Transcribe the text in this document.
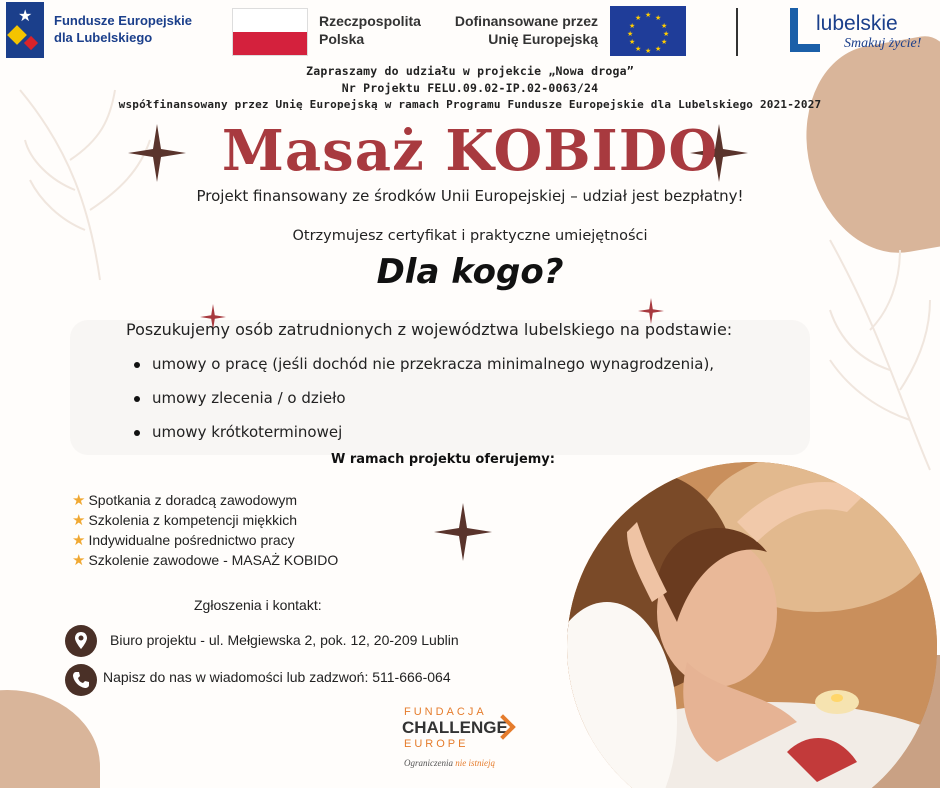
★ Fundusze Europejskie
dla Lubelskiego
Rzeczpospolita
Polska
Dofinansowane przez
Unię Europejską
★ ★
★
★
★
★
★
★
★
★
★
★	lubelskie
Smakuj życie!
Zapraszamy do udziału w projekcie „Nowa droga”
Nr Projektu FELU.09.02-IP.02-0063/24
współfinansowany przez Unię Europejską w ramach Programu Fundusze Europejskie dla Lubelskiego 2021-2027
Masaż KOBIDO
Projekt finansowany ze środków Unii Europejskiej – udział jest bezpłatny!
Otrzymujesz certyfikat i praktyczne umiejętności
Dla kogo?
Poszukujemy osób zatrudnionych z województwa lubelskiego na podstawie:
umowy o pracę (jeśli dochód nie przekracza minimalnego wynagrodzenia),
umowy zlecenia / o dzieło
umowy krótkoterminowej
W ramach projektu oferujemy:
★ Spotkania z doradcą zawodowym
★ Szkolenia z kompetencji miękkich
★ Indywidualne pośrednictwo pracy
★ Szkolenie zawodowe - MASAŻ KOBIDO
Zgłoszenia i kontakt:
Biuro projektu - ul. Mełgiewska 2, pok. 12, 20-209 Lublin
Napisz do nas w wiadomości lub zadzwoń: 511-666-064
FUNDACJA
CHALLENGE
EUROPE
Ograniczenia nie istnieją
